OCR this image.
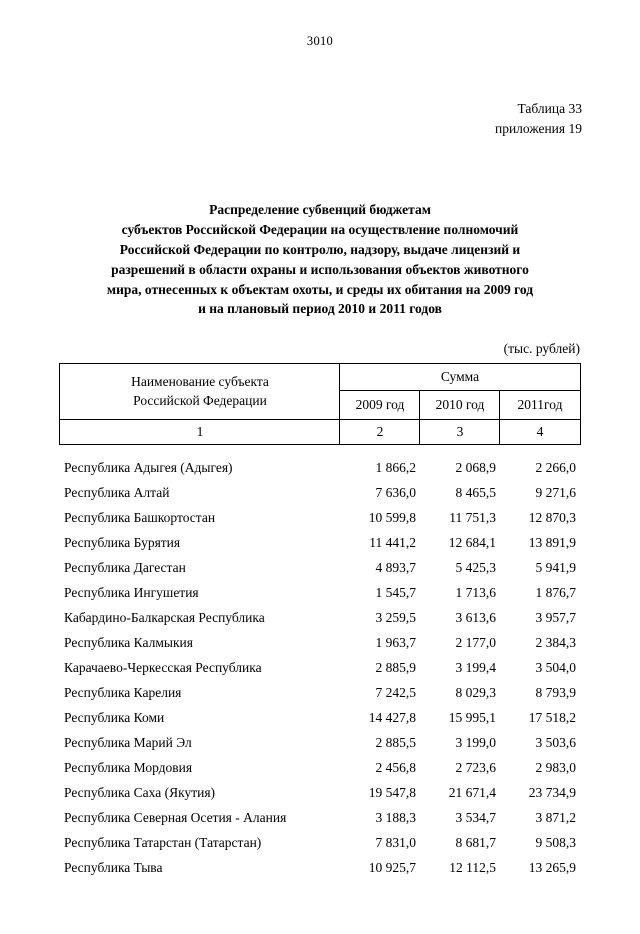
3010
Таблица 33
приложения 19
Распределение субвенций бюджетам
субъектов Российской Федерации на осуществление полномочий
Российской Федерации по контролю, надзору, выдаче лицензий и
разрешений в области охраны и использования объектов животного
мира, отнесенных к объектам охоты, и среды их обитания на 2009 год
и на плановый период 2010 и 2011 годов
(тыс. рублей)
Наименование субъекта
Российской Федерации	Сумма		
	2009 год	2010 год	2011год
1	2	3	4
Республика Адыгея (Адыгея)	1 866,2	2 068,9	2 266,0
Республика Алтай	7 636,0	8 465,5	9 271,6
Республика Башкортостан	10 599,8	11 751,3	12 870,3
Республика Бурятия	11 441,2	12 684,1	13 891,9
Республика Дагестан	4 893,7	5 425,3	5 941,9
Республика Ингушетия	1 545,7	1 713,6	1 876,7
Кабардино-Балкарская Республика	3 259,5	3 613,6	3 957,7
Республика Калмыкия	1 963,7	2 177,0	2 384,3
Карачаево-Черкесская Республика	2 885,9	3 199,4	3 504,0
Республика Карелия	7 242,5	8 029,3	8 793,9
Республика Коми	14 427,8	15 995,1	17 518,2
Республика Марий Эл	2 885,5	3 199,0	3 503,6
Республика Мордовия	2 456,8	2 723,6	2 983,0
Республика Саха (Якутия)	19 547,8	21 671,4	23 734,9
Республика Северная Осетия - Алания	3 188,3	3 534,7	3 871,2
Республика Татарстан (Татарстан)	7 831,0	8 681,7	9 508,3
Республика Тыва	10 925,7	12 112,5	13 265,9
